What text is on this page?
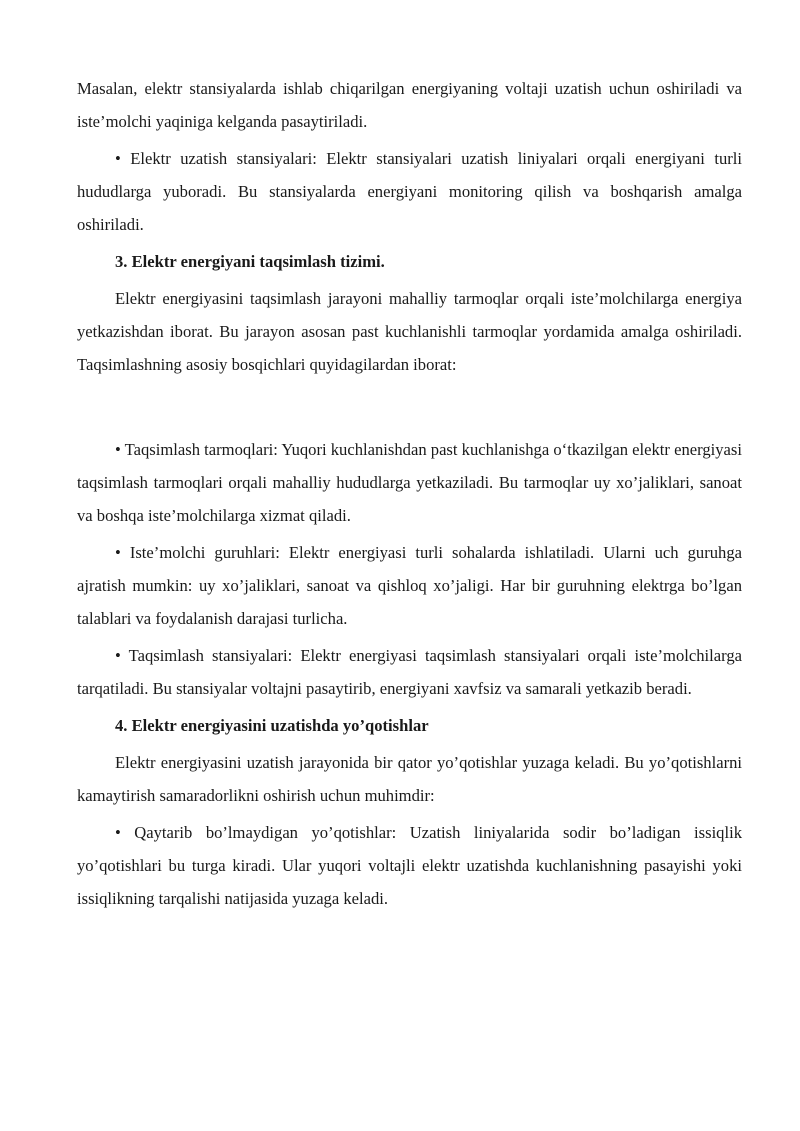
Masalan, elektr stansiyalarda ishlab chiqarilgan energiyaning voltaji uzatish uchun oshiriladi va iste’molchi yaqiniga kelganda pasaytiriladi.

• Elektr uzatish stansiyalari: Elektr stansiyalari uzatish liniyalari orqali energiyani turli hududlarga yuboradi. Bu stansiyalarda energiyani monitoring qilish va boshqarish amalga oshiriladi.

3. Elektr energiyani taqsimlash tizimi.

Elektr energiyasini taqsimlash jarayoni mahalliy tarmoqlar orqali iste’molchilarga energiya yetkazishdan iborat. Bu jarayon asosan past kuchlanishli tarmoqlar yordamida amalga oshiriladi. Taqsimlashning asosiy bosqichlari quyidagilardan iborat:

• Taqsimlash tarmoqlari: Yuqori kuchlanishdan past kuchlanishga o‘tkazilgan elektr energiyasi taqsimlash tarmoqlari orqali mahalliy hududlarga yetkaziladi. Bu tarmoqlar uy xo’jaliklari, sanoat va boshqa iste’molchilarga xizmat qiladi.

• Iste’molchi guruhlari: Elektr energiyasi turli sohalarda ishlatiladi. Ularni uch guruhga ajratish mumkin: uy xo’jaliklari, sanoat va qishloq xo’jaligi. Har bir guruhning elektrga bo’lgan talablari va foydalanish darajasi turlicha.

• Taqsimlash stansiyalari: Elektr energiyasi taqsimlash stansiyalari orqali iste’molchilarga tarqatiladi. Bu stansiyalar voltajni pasaytirib, energiyani xavfsiz va samarali yetkazib beradi.

4. Elektr energiyasini uzatishda yo’qotishlar

Elektr energiyasini uzatish jarayonida bir qator yo’qotishlar yuzaga keladi. Bu yo’qotishlarni kamaytirish samaradorlikni oshirish uchun muhimdir:

• Qaytarib bo’lmaydigan yo’qotishlar: Uzatish liniyalarida sodir bo’ladigan issiqlik yo’qotishlari bu turga kiradi. Ular yuqori voltajli elektr uzatishda kuchlanishning pasayishi yoki issiqlikning tarqalishi natijasida yuzaga keladi.
